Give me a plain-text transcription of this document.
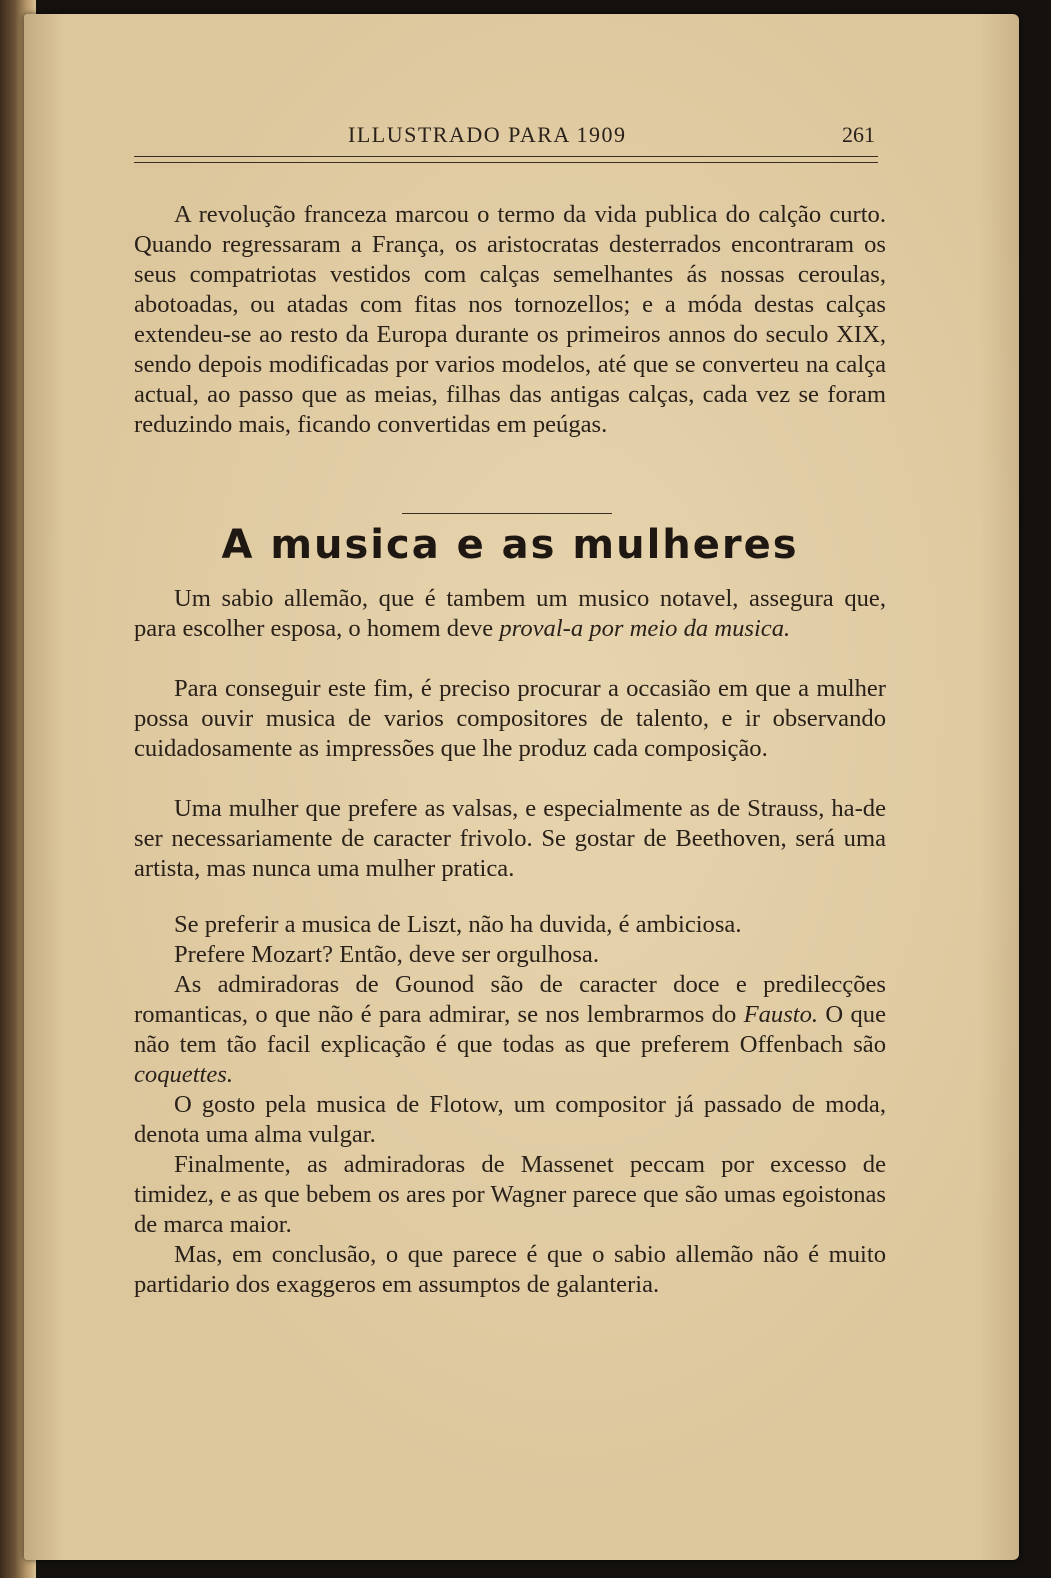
ILLUSTRADO PARA 1909	261

A revolução franceza marcou o termo da vida publica do calção curto. Quando regressaram a França, os aristocratas desterrados encontraram os seus compatriotas vestidos com calças semelhantes ás nossas ceroulas, abotoadas, ou atadas com fitas nos tornozellos; e a móda destas calças extendeu-se ao resto da Europa durante os primeiros annos do seculo XIX, sendo depois modificadas por varios modelos, até que se converteu na calça actual, ao passo que as meias, filhas das antigas calças, cada vez se foram reduzindo mais, ficando convertidas em peúgas.

A musica e as mulheres

Um sabio allemão, que é tambem um musico notavel, assegura que, para escolher esposa, o homem deve proval-a por meio da musica.

Para conseguir este fim, é preciso procurar a occasião em que a mulher possa ouvir musica de varios compositores de talento, e ir observando cuidadosamente as impressões que lhe produz cada composição.

Uma mulher que prefere as valsas, e especialmente as de Strauss, ha-de ser necessariamente de caracter frivolo. Se gostar de Beethoven, será uma artista, mas nunca uma mulher pratica.

Se preferir a musica de Liszt, não ha duvida, é ambiciosa.

Prefere Mozart? Então, deve ser orgulhosa.

As admiradoras de Gounod são de caracter doce e predilecções romanticas, o que não é para admirar, se nos lembrarmos do Fausto. O que não tem tão facil explicação é que todas as que preferem Offenbach são coquettes.

O gosto pela musica de Flotow, um compositor já passado de moda, denota uma alma vulgar.

Finalmente, as admiradoras de Massenet peccam por excesso de timidez, e as que bebem os ares por Wagner parece que são umas egoistonas de marca maior.

Mas, em conclusão, o que parece é que o sabio allemão não é muito partidario dos exaggeros em assumptos de galanteria.
